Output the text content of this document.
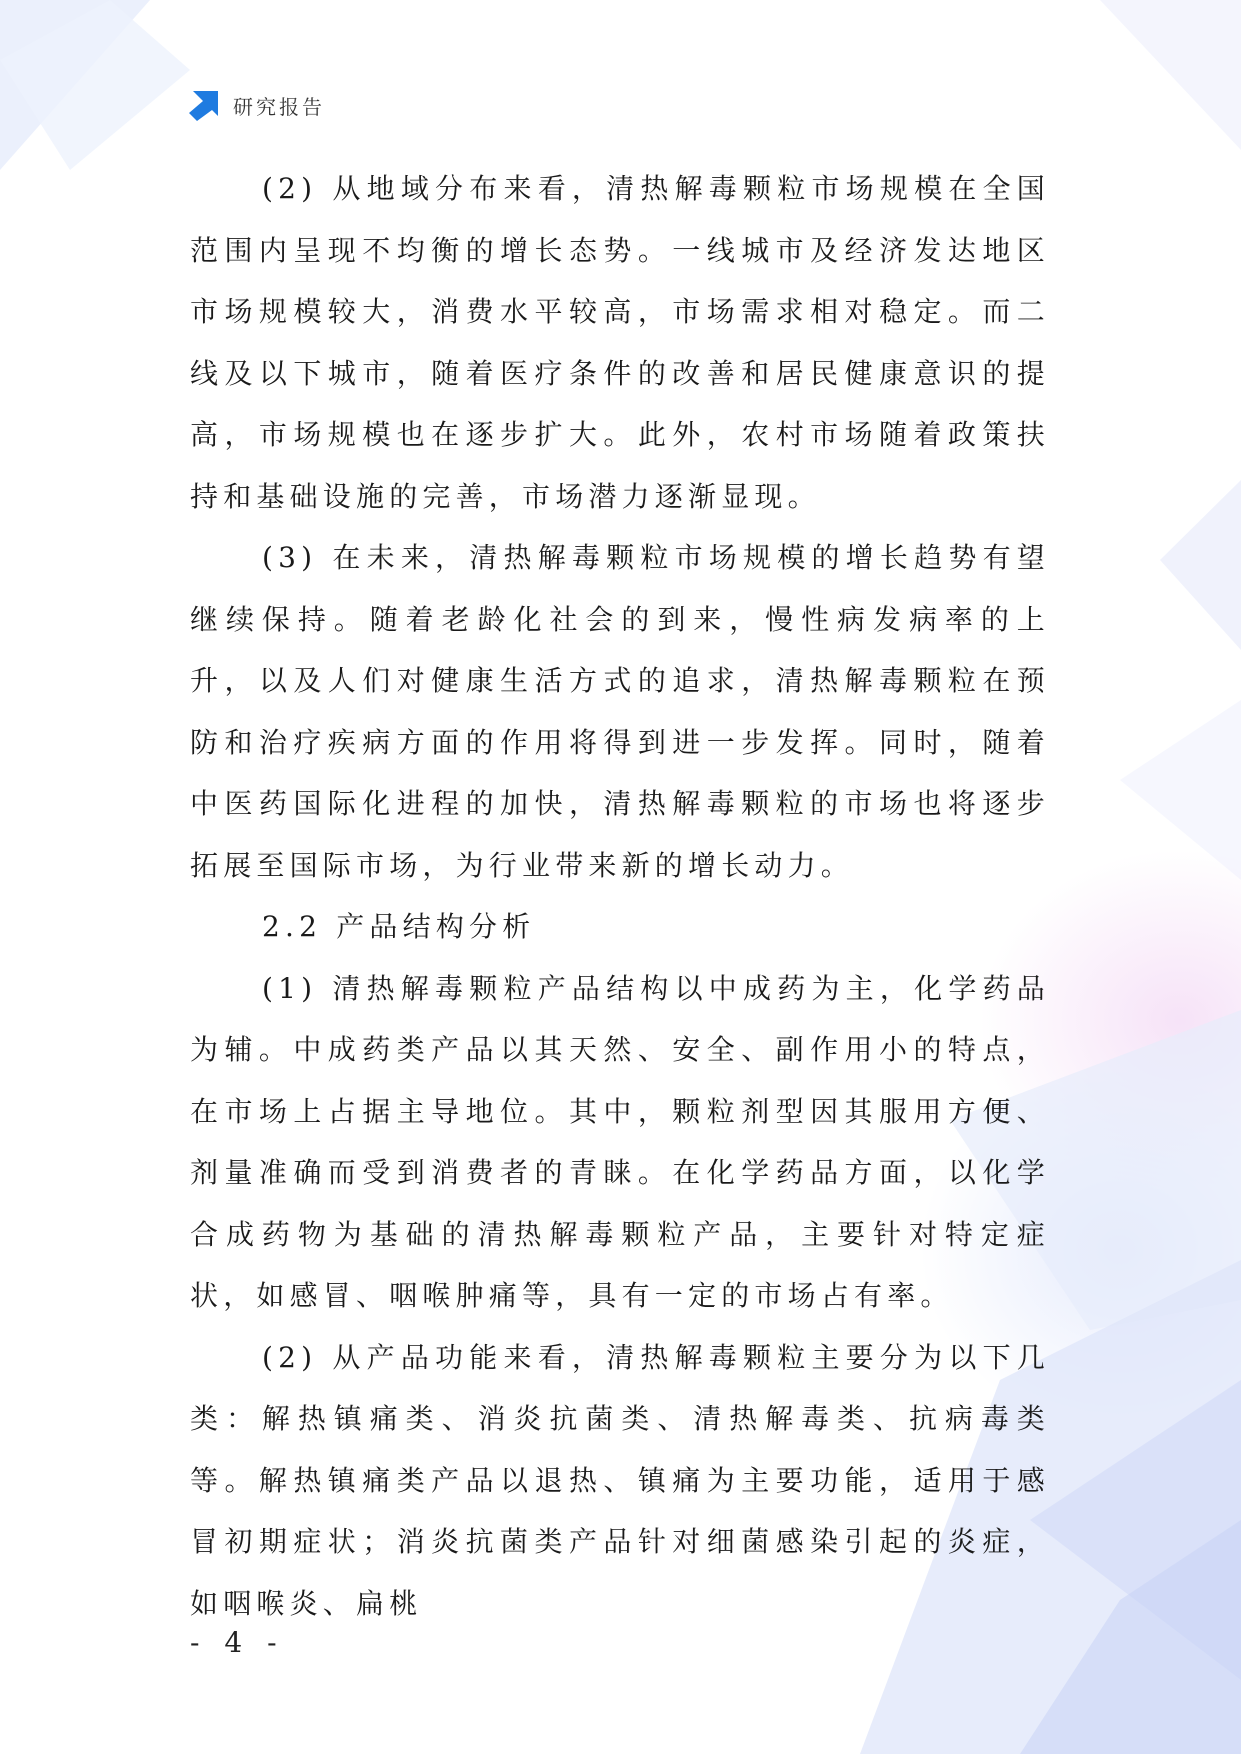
研究报告

(2) 从地域分布来看，清热解毒颗粒市场规模在全国范围内呈现不均衡的增长态势。一线城市及经济发达地区市场规模较大，消费水平较高，市场需求相对稳定。而二线及以下城市，随着医疗条件的改善和居民健康意识的提高，市场规模也在逐步扩大。此外，农村市场随着政策扶持和基础设施的完善，市场潜力逐渐显现。

(3) 在未来，清热解毒颗粒市场规模的增长趋势有望继续保持。随着老龄化社会的到来，慢性病发病率的上升，以及人们对健康生活方式的追求，清热解毒颗粒在预防和治疗疾病方面的作用将得到进一步发挥。同时，随着中医药国际化进程的加快，清热解毒颗粒的市场也将逐步拓展至国际市场，为行业带来新的增长动力。

2.2 产品结构分析

(1) 清热解毒颗粒产品结构以中成药为主，化学药品为辅。中成药类产品以其天然、安全、副作用小的特点，在市场上占据主导地位。其中，颗粒剂型因其服用方便、剂量准确而受到消费者的青睐。在化学药品方面，以化学合成药物为基础的清热解毒颗粒产品，主要针对特定症状，如感冒、咽喉肿痛等，具有一定的市场占有率。

(2) 从产品功能来看，清热解毒颗粒主要分为以下几类：解热镇痛类、消炎抗菌类、清热解毒类、抗病毒类等。解热镇痛类产品以退热、镇痛为主要功能，适用于感冒初期症状；消炎抗菌类产品针对细菌感染引起的炎症，如咽喉炎、扁桃

- 4 -
